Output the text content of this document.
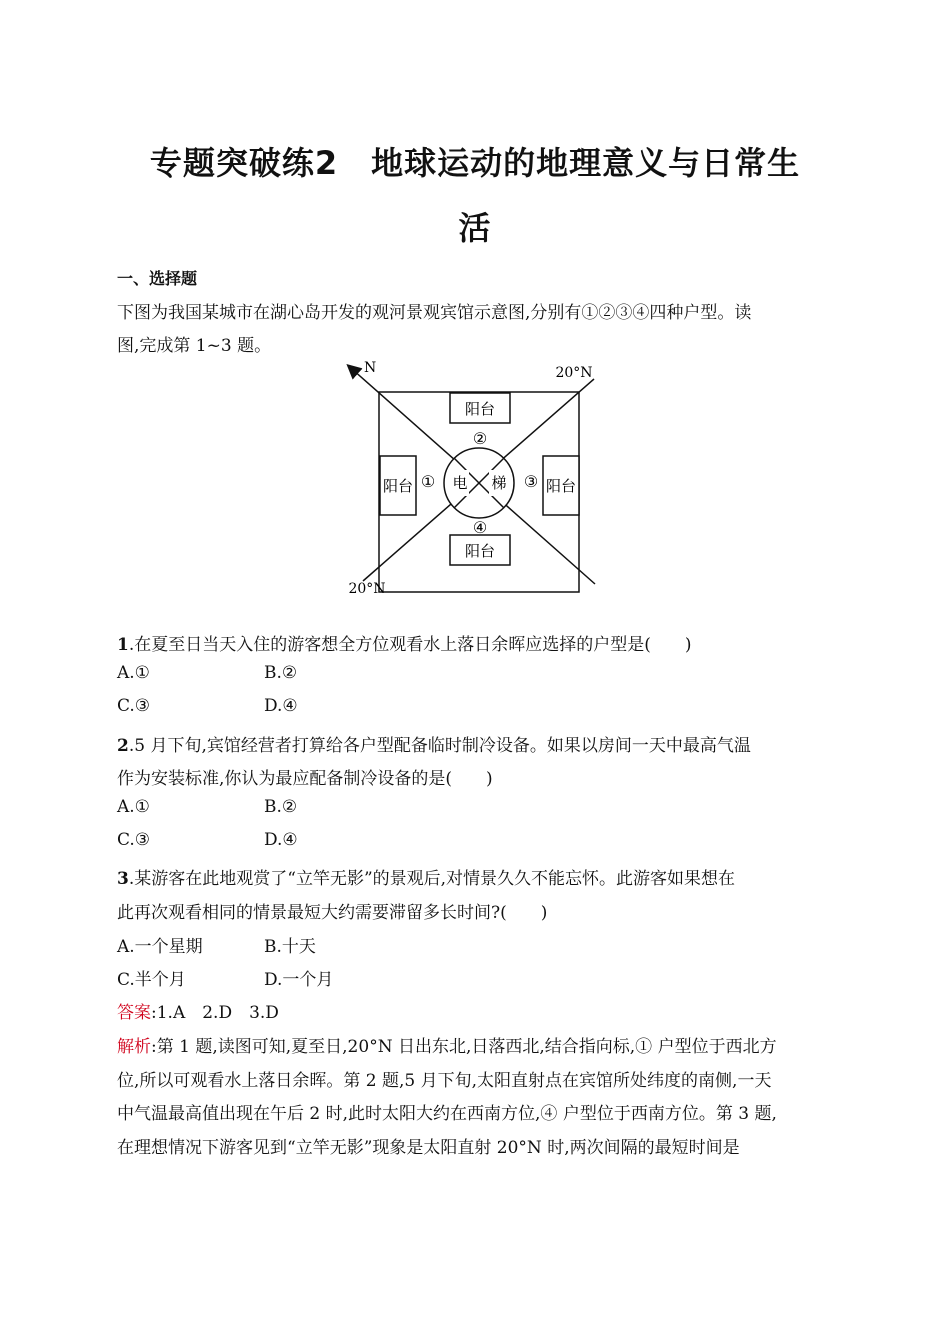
专题突破练2　地球运动的地理意义与日常生
活
一、选择题
下图为我国某城市在湖心岛开发的观河景观宾馆示意图,分别有①②③④四种户型。读
图,完成第 1~3 题。
N	20°N
20°N
阳台
阳台
阳台	阳台
①
②
③
④
电 梯
1.在夏至日当天入住的游客想全方位观看水上落日余晖应选择的户型是(　　)
A.①	B.②
C.③	D.④
2.5 月下旬,宾馆经营者打算给各户型配备临时制冷设备。如果以房间一天中最高气温
作为安装标准,你认为最应配备制冷设备的是(　　)
A.①	B.②
C.③	D.④
3.某游客在此地观赏了“立竿无影”的景观后,对情景久久不能忘怀。此游客如果想在
此再次观看相同的情景最短大约需要滞留多长时间?(　　)
A.一个星期	B.十天
C.半个月	D.一个月
答案:1.A　2.D　3.D
解析:第 1 题,读图可知,夏至日,20°N 日出东北,日落西北,结合指向标,① 户型位于西北方
位,所以可观看水上落日余晖。第 2 题,5 月下旬,太阳直射点在宾馆所处纬度的南侧,一天
中气温最高值出现在午后 2 时,此时太阳大约在西南方位,④ 户型位于西南方位。第 3 题,
在理想情况下游客见到“立竿无影”现象是太阳直射 20°N 时,两次间隔的最短时间是
